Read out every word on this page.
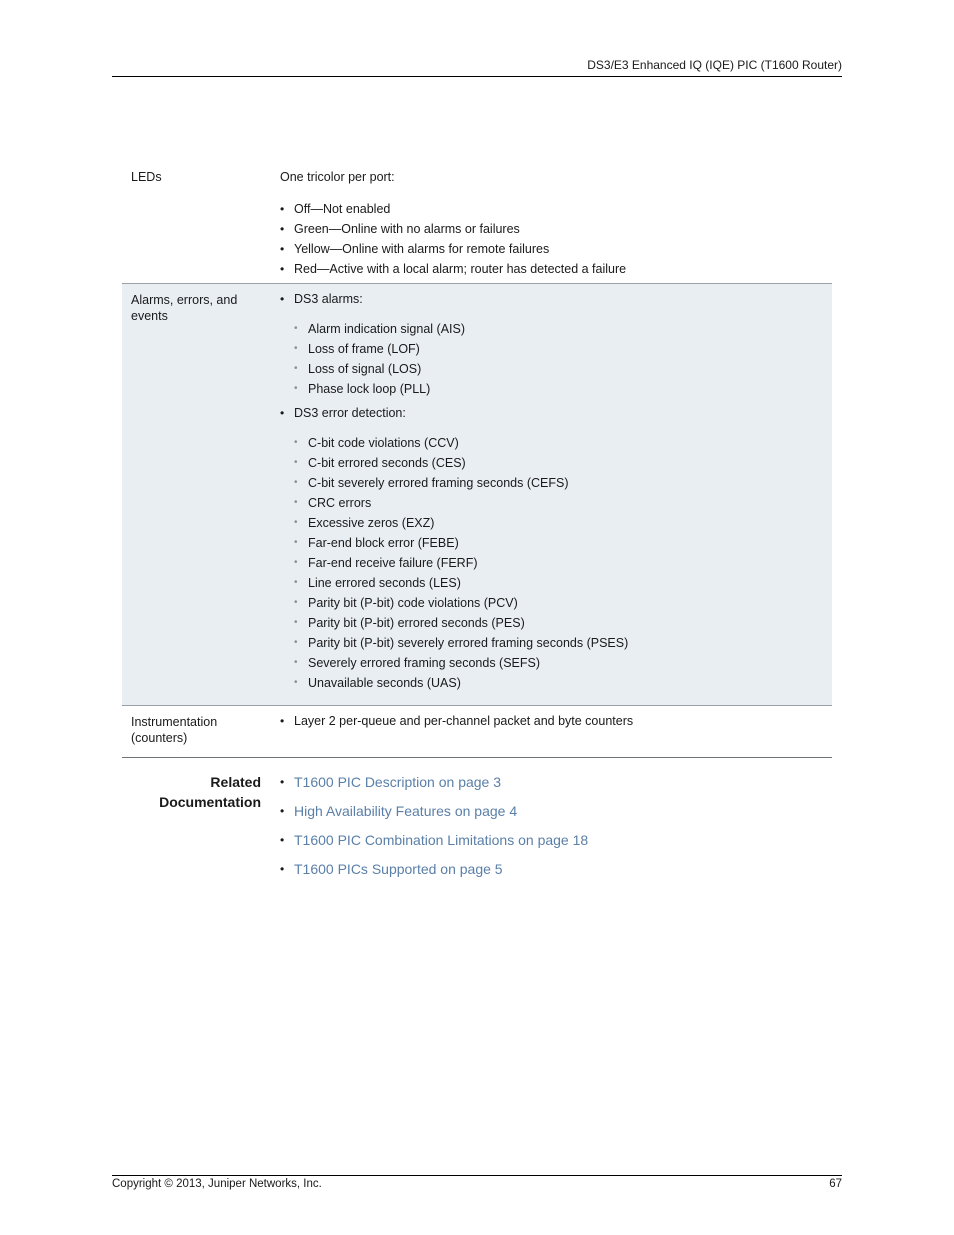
DS3/E3 Enhanced IQ (IQE) PIC (T1600 Router)
LEDs	One tricolor per port:
• Off—Not enabled
• Green—Online with no alarms or failures
• Yellow—Online with alarms for remote failures
• Red—Active with a local alarm; router has detected a failure
Alarms, errors, and events
• DS3 alarms:
• Alarm indication signal (AIS)
• Loss of frame (LOF)
• Loss of signal (LOS)
• Phase lock loop (PLL)
• DS3 error detection:
• C-bit code violations (CCV)
• C-bit errored seconds (CES)
• C-bit severely errored framing seconds (CEFS)
• CRC errors
• Excessive zeros (EXZ)
• Far-end block error (FEBE)
• Far-end receive failure (FERF)
• Line errored seconds (LES)
• Parity bit (P-bit) code violations (PCV)
• Parity bit (P-bit) errored seconds (PES)
• Parity bit (P-bit) severely errored framing seconds (PSES)
• Severely errored framing seconds (SEFS)
• Unavailable seconds (UAS)
Instrumentation (counters)
• Layer 2 per-queue and per-channel packet and byte counters
Related
Documentation
• T1600 PIC Description on page 3
• High Availability Features on page 4
• T1600 PIC Combination Limitations on page 18
• T1600 PICs Supported on page 5
Copyright © 2013, Juniper Networks, Inc.	67
